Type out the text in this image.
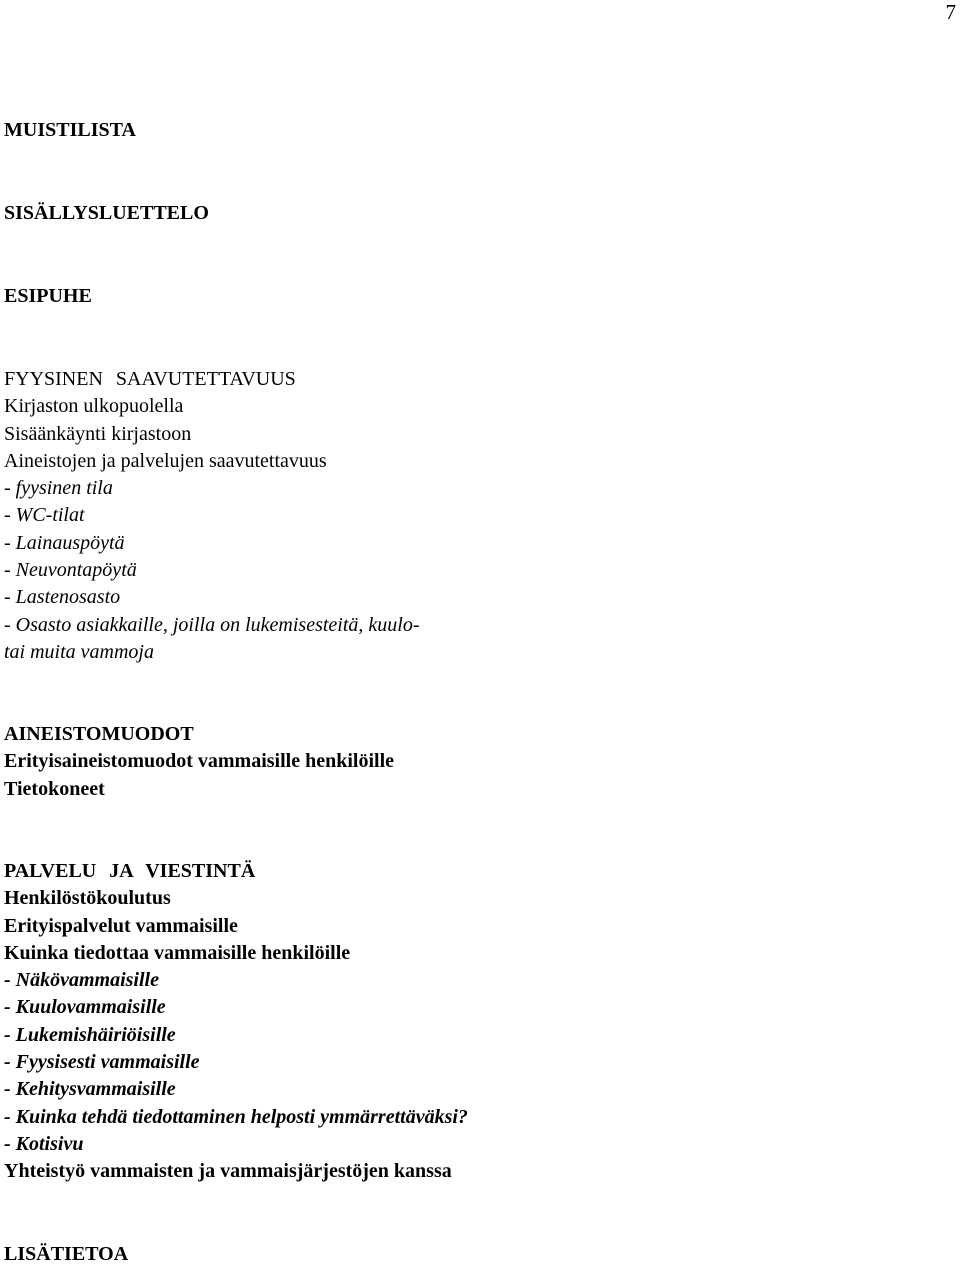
7
MUISTILISTA
SISÄLLYSLUETTELO
ESIPUHE
FYYSINEN SAAVUTETTAVUUS
Kirjaston ulkopuolella
Sisäänkäynti kirjastoon
Aineistojen ja palvelujen saavutettavuus
- fyysinen tila
- WC-tilat
- Lainauspöytä
- Neuvontapöytä
- Lastenosasto
- Osasto asiakkaille, joilla on lukemisesteitä, kuulo-
tai muita vammoja
AINEISTOMUODOT
Erityisaineistomuodot vammaisille henkilöille
Tietokoneet
PALVELU JA VIESTINTÄ
Henkilöstökoulutus
Erityispalvelut vammaisille
Kuinka tiedottaa vammaisille henkilöille
- Näkövammaisille
- Kuulovammaisille
- Lukemishäiriöisille
- Fyysisesti vammaisille
- Kehitysvammaisille
- Kuinka tehdä tiedottaminen helposti ymmärrettäväksi?
- Kotisivu
Yhteistyö vammaisten ja vammaisjärjestöjen kanssa
LISÄTIETOA
